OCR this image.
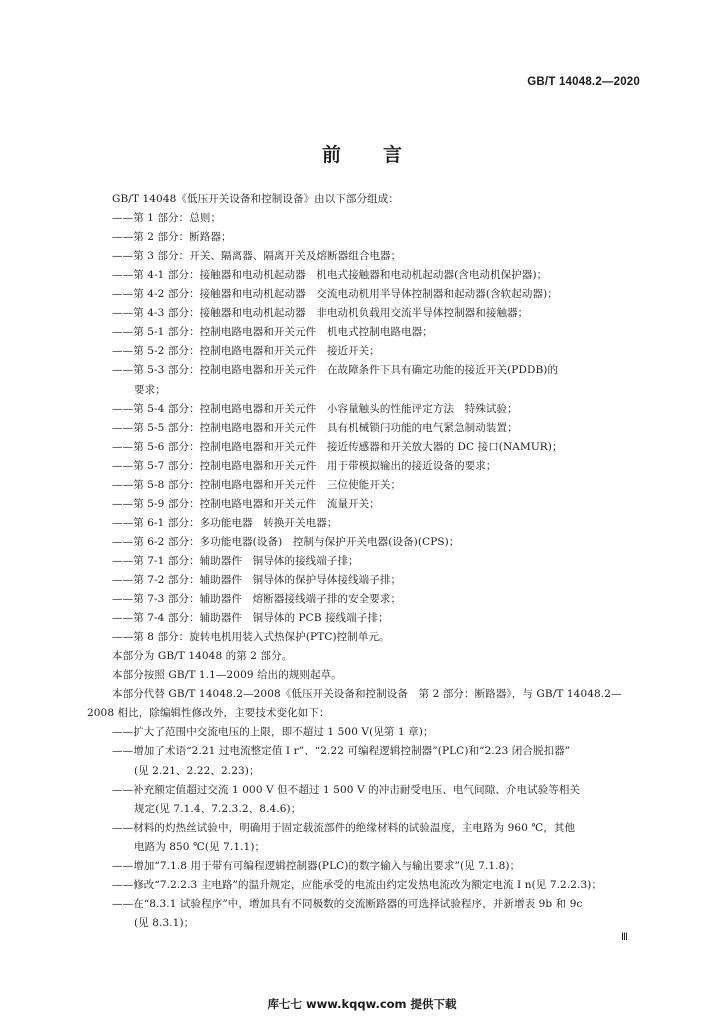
GB/T 14048.2—2020
前言
GB/T 14048《低压开关设备和控制设备》由以下部分组成：
——第 1 部分：总则；
——第 2 部分：断路器；
——第 3 部分：开关、隔离器、隔离开关及熔断器组合电器；
——第 4-1 部分：接触器和电动机起动器　机电式接触器和电动机起动器(含电动机保护器)；
——第 4-2 部分：接触器和电动机起动器　交流电动机用半导体控制器和起动器(含软起动器)；
——第 4-3 部分：接触器和电动机起动器　非电动机负载用交流半导体控制器和接触器；
——第 5-1 部分：控制电路电器和开关元件　机电式控制电路电器；
——第 5-2 部分：控制电路电器和开关元件　接近开关；
——第 5-3 部分：控制电路电器和开关元件　在故障条件下具有确定功能的接近开关(PDDB)的
要求；
——第 5-4 部分：控制电路电器和开关元件　小容量触头的性能评定方法　特殊试验；
——第 5-5 部分：控制电路电器和开关元件　具有机械锁闩功能的电气紧急制动装置；
——第 5-6 部分：控制电路电器和开关元件　接近传感器和开关放大器的 DC 接口(NAMUR)；
——第 5-7 部分：控制电路电器和开关元件　用于带模拟输出的接近设备的要求；
——第 5-8 部分：控制电路电器和开关元件　三位使能开关；
——第 5-9 部分：控制电路电器和开关元件　流量开关；
——第 6-1 部分：多功能电器　转换开关电器；
——第 6-2 部分：多功能电器(设备)　控制与保护开关电器(设备)(CPS)；
——第 7-1 部分：辅助器件　铜导体的接线端子排；
——第 7-2 部分：辅助器件　铜导体的保护导体接线端子排；
——第 7-3 部分：辅助器件　熔断器接线端子排的安全要求；
——第 7-4 部分：辅助器件　铜导体的 PCB 接线端子排；
——第 8 部分：旋转电机用装入式热保护(PTC)控制单元。
本部分为 GB/T 14048 的第 2 部分。
本部分按照 GB/T 1.1—2009 给出的规则起草。
本部分代替 GB/T 14048.2—2008《低压开关设备和控制设备　第 2 部分：断路器》，与 GB/T 14048.2—
2008 相比，除编辑性修改外，主要技术变化如下：
——扩大了范围中交流电压的上限，即不超过 1 500 V(见第 1 章)；
——增加了术语“2.21 过电流整定值 I r”、“2.22 可编程逻辑控制器”(PLC)和“2.23 闭合脱扣器”
(见 2.21、2.22、2.23)；
——补充额定值超过交流 1 000 V 但不超过 1 500 V 的冲击耐受电压、电气间隙、介电试验等相关
规定(见 7.1.4、7.2.3.2、8.4.6)；
——材料的灼热丝试验中，明确用于固定载流部件的绝缘材料的试验温度，主电路为 960 ℃，其他
电路为 850 ℃(见 7.1.1)；
——增加“7.1.8 用于带有可编程逻辑控制器(PLC)的数字输入与输出要求”(见 7.1.8)；
——修改“7.2.2.3 主电路”的温升规定，应能承受的电流由约定发热电流改为额定电流 I n(见 7.2.2.3)；
——在“8.3.1 试验程序”中，增加具有不同极数的交流断路器的可选择试验程序，并新增表 9b 和 9c
(见 8.3.1)；
Ⅲ
库七七 www.kqqw.com 提供下载
